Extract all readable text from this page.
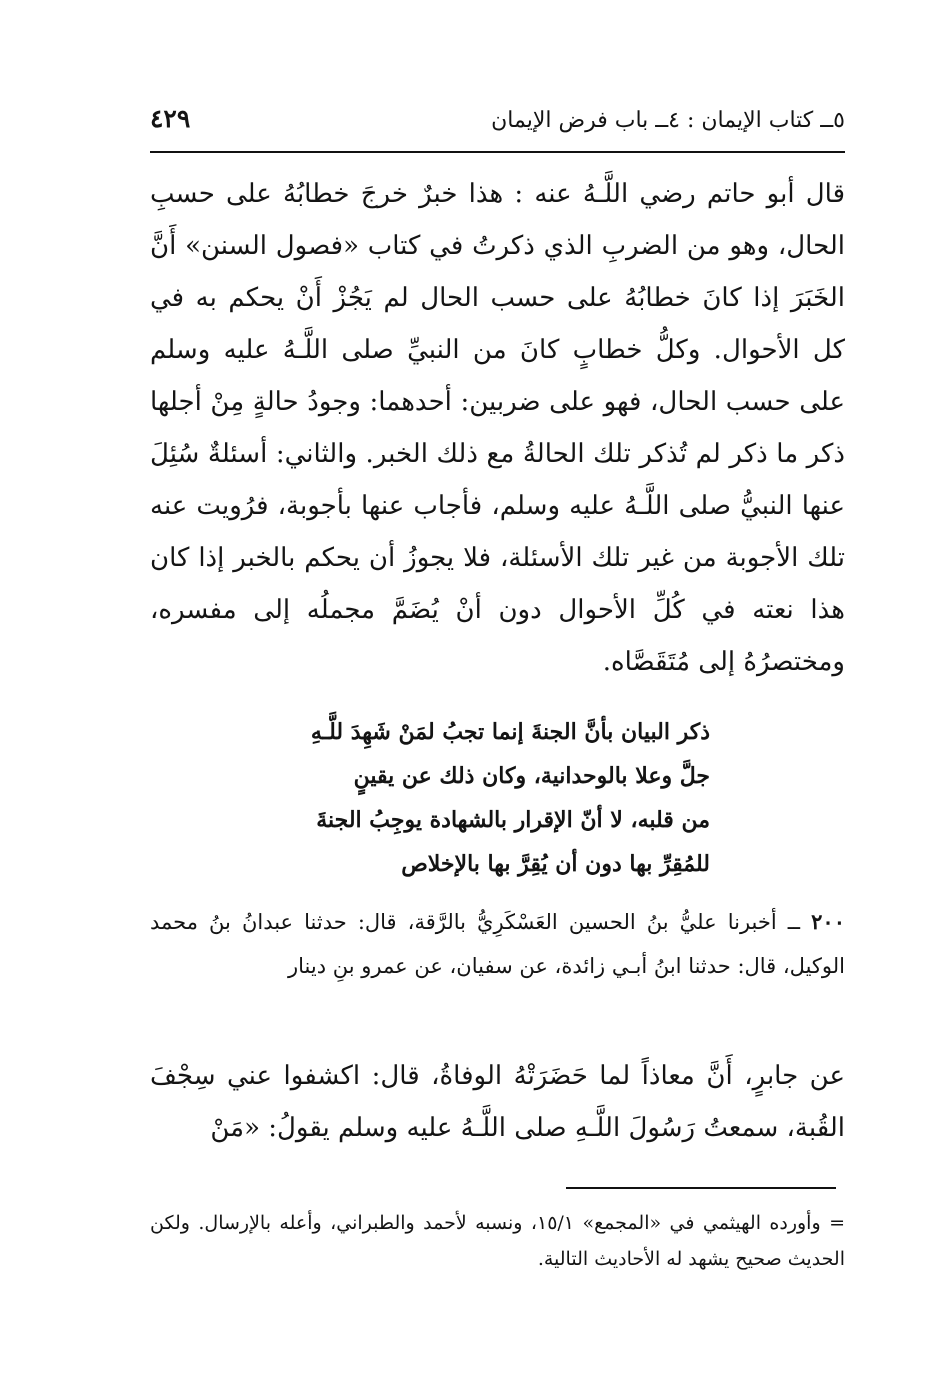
٥ــ كتاب الإيمان : ٤ــ باب فرض الإيمان
٤٢٩
قال أبو حاتم رضي اللَّـهُ عنه : هذا خبرٌ خرجَ خطابُهُ على حسبِ الحال، وهو من الضربِ الذي ذكرتُ في كتاب «فصول السنن» أَنَّ الخَبَرَ إذا كانَ خطابُهُ على حسب الحال لم يَجُزْ أَنْ يحكم به في كل الأحوال. وكلُّ خطابٍ كانَ من النبيِّ صلى اللَّـهُ عليه وسلم على حسب الحال، فهو على ضربين: أحدهما: وجودُ حالةٍ مِنْ أجلها ذكر ما ذكر لم تُذكر تلك الحالةُ مع ذلك الخبر. والثاني: أسئلةٌ سُئِلَ عنها النبيُّ صلى اللَّـهُ عليه وسلم، فأجاب عنها بأجوبة، فرُويت عنه تلك الأجوبة من غير تلك الأسئلة، فلا يجوزُ أن يحكم بالخبر إذا كان هذا نعته في كُلِّ الأحوال دون أنْ يُضَمَّ مجملُه إلى مفسره، ومختصرُهُ إلى مُتَقَصَّاه.
ذكر البيان بأنَّ الجنةَ إنما تجبُ لمَنْ شَهِدَ للَّـهِ
جلَّ وعلا بالوحدانية، وكان ذلك عن يقينٍ
من قلبه، لا أنّ الإقرار بالشهادة يوجِبُ الجنةَ
للمُقِرِّ بها دون أن يُقِرَّ بها بالإخلاص
٢٠٠ ــ أخبرنا عليُّ بنُ الحسين العَسْكَرِيُّ بالرَّقة، قال: حدثنا عبدانُ بنُ محمد الوكيل، قال: حدثنا ابنُ أبـي زائدة، عن سفيان، عن عمرو بنِ دينار
عن جابرٍ، أَنَّ معاذاً لما حَضَرَتْهُ الوفاةُ، قال: اكشفوا عني سِجْفَ القُبة، سمعتُ رَسُولَ اللَّـهِ صلى اللَّـهُ عليه وسلم يقولُ: «مَنْ
= وأورده الهيثمي في «المجمع» ١٥/١، ونسبه لأحمد والطبراني، وأعله بالإرسال. ولكن الحديث صحيح يشهد له الأحاديث التالية.
